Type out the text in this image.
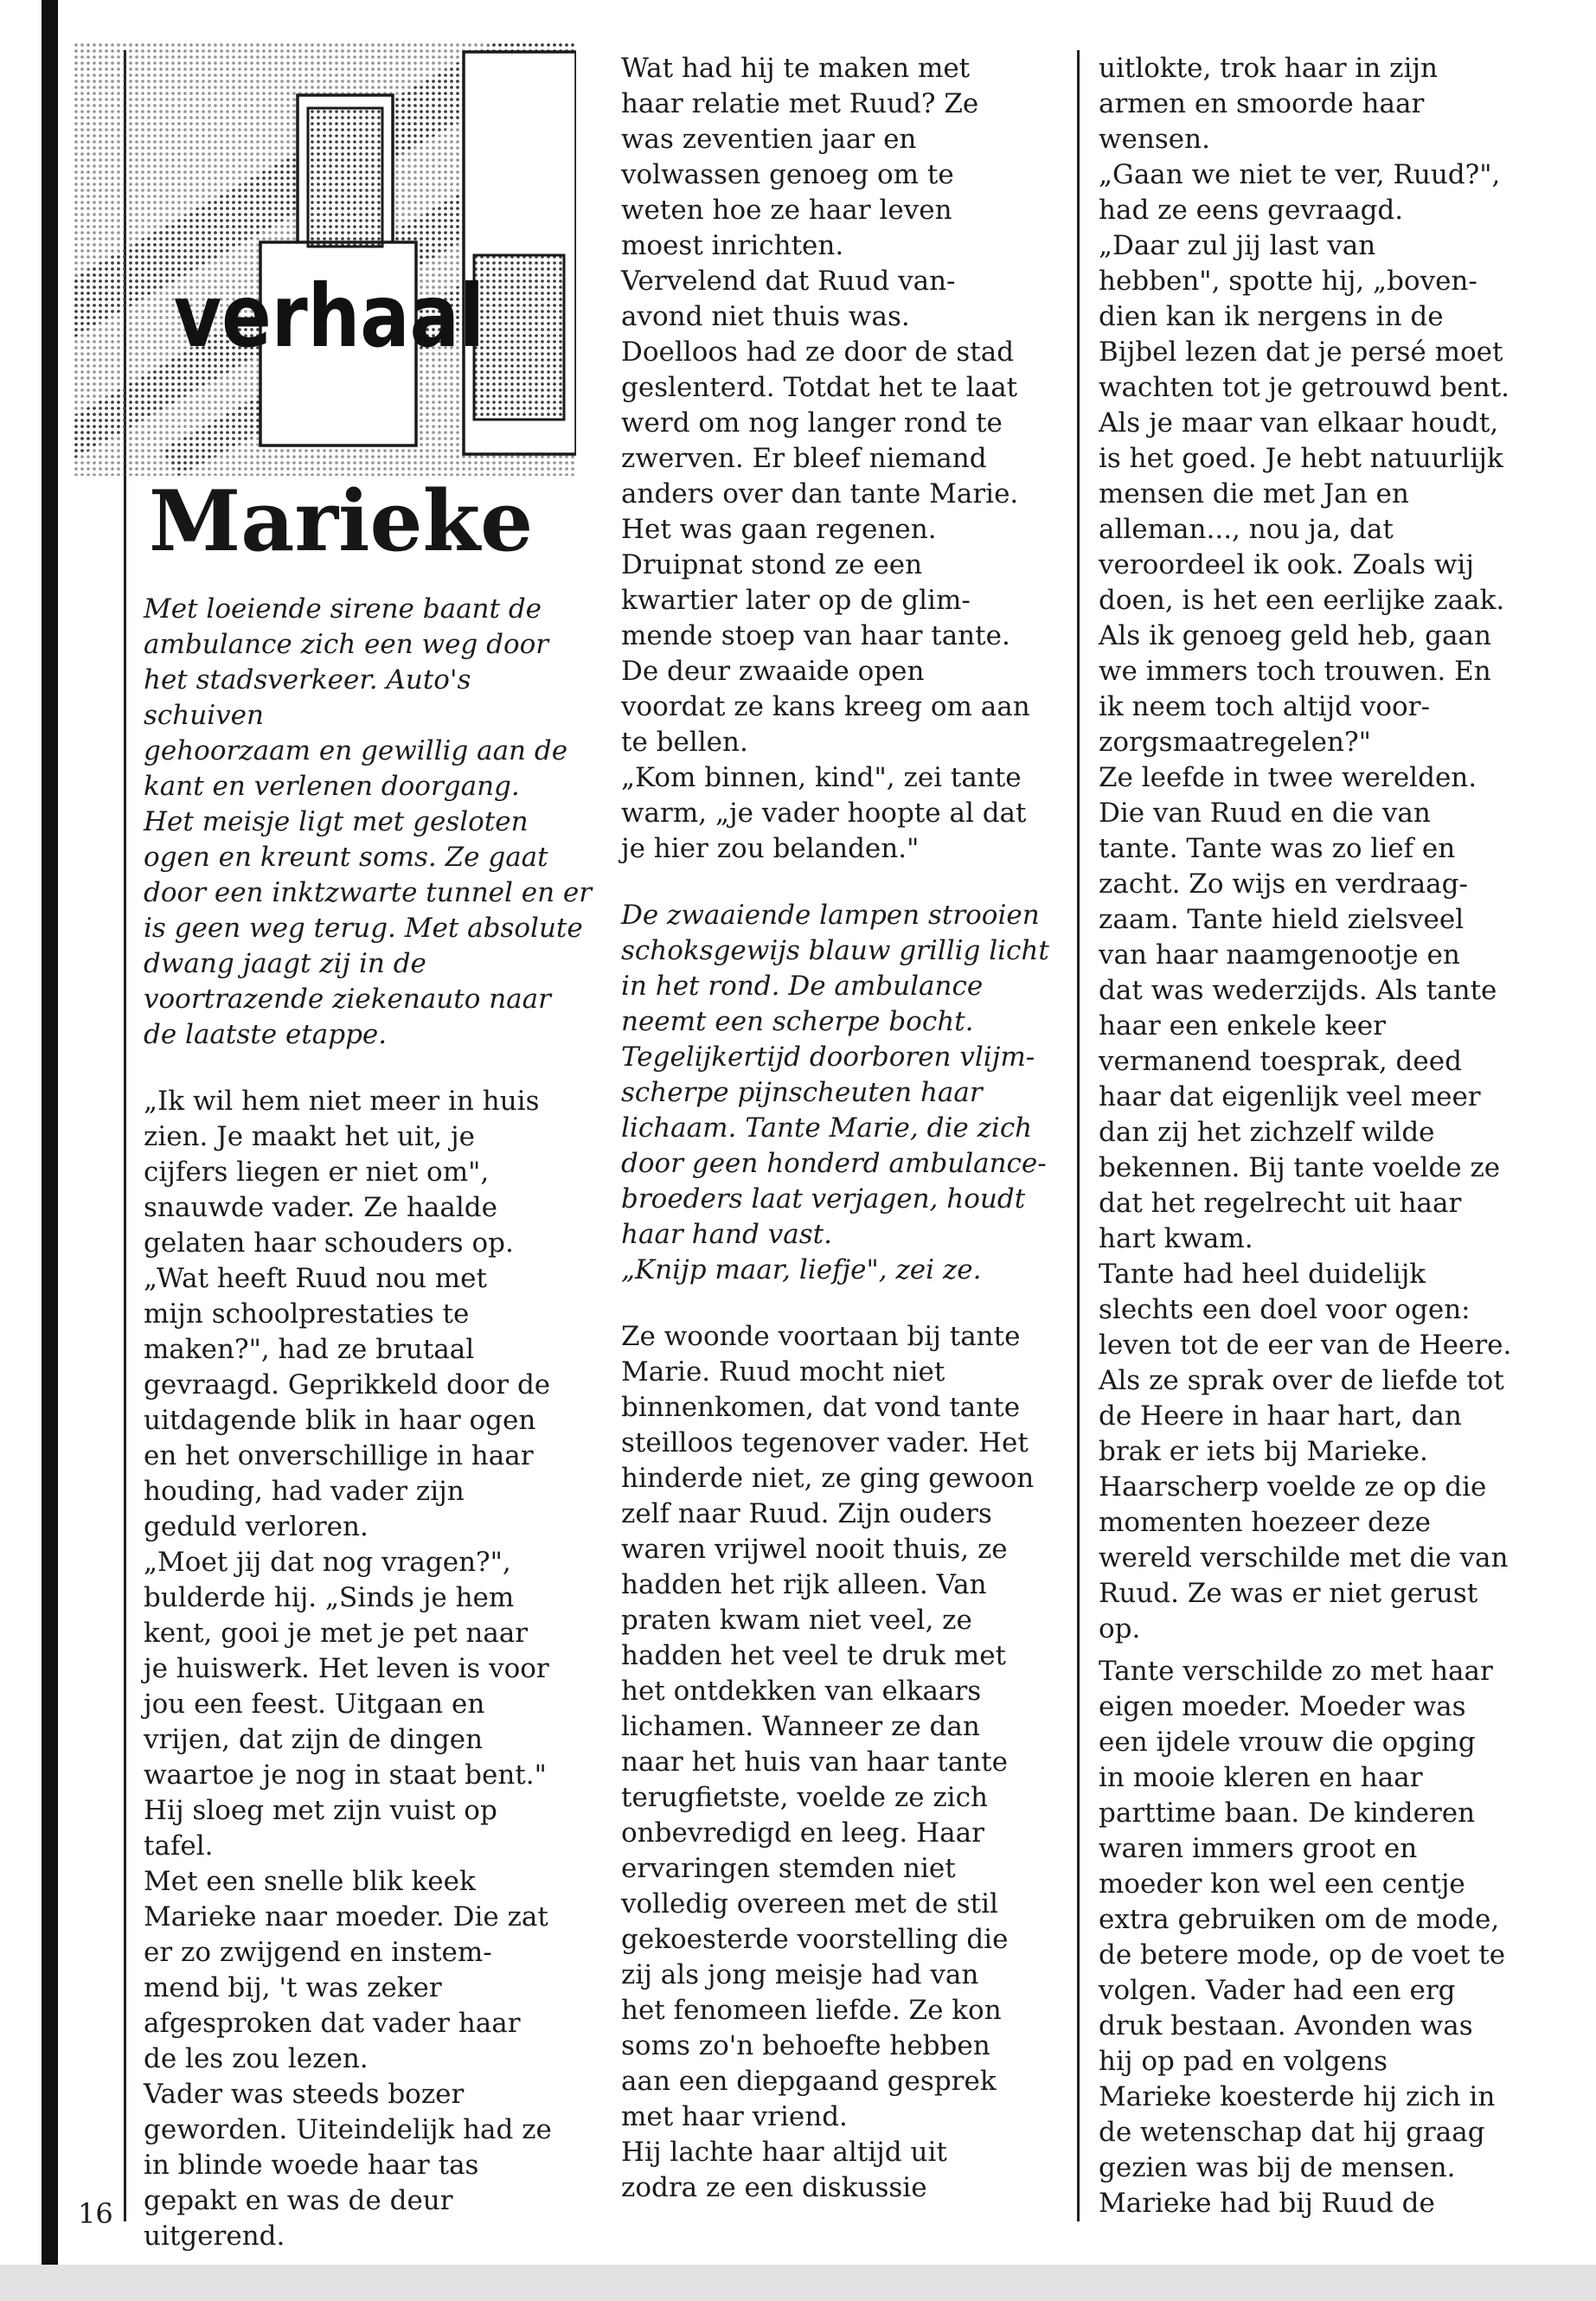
verhaal
Marieke

Met loeiende sirene baant de

ambulance zich een weg door

het stadsverkeer. Auto's schuiven

gehoorzaam en gewillig aan de

kant en verlenen doorgang.

Het meisje ligt met gesloten

ogen en kreunt soms. Ze gaat

door een inktzwarte tunnel en er

is geen weg terug. Met absolute

dwang jaagt zij in de

voortrazende ziekenauto naar

de laatste etappe.

„Ik wil hem niet meer in huis

zien. Je maakt het uit, je

cijfers liegen er niet om",

snauwde vader. Ze haalde

gelaten haar schouders op.

„Wat heeft Ruud nou met

mijn schoolprestaties te

maken?", had ze brutaal

gevraagd. Geprikkeld door de

uitdagende blik in haar ogen

en het onverschillige in haar

houding, had vader zijn

geduld verloren.

„Moet jij dat nog vragen?",

bulderde hij. „Sinds je hem

kent, gooi je met je pet naar

je huiswerk. Het leven is voor

jou een feest. Uitgaan en

vrijen, dat zijn de dingen

waartoe je nog in staat bent."

Hij sloeg met zijn vuist op

tafel.

Met een snelle blik keek

Marieke naar moeder. Die zat

er zo zwijgend en instem-

mend bij, 't was zeker

afgesproken dat vader haar

de les zou lezen.

Vader was steeds bozer

geworden. Uiteindelijk had ze

in blinde woede haar tas

gepakt en was de deur

uitgerend.

Wat had hij te maken met

haar relatie met Ruud? Ze

was zeventien jaar en

volwassen genoeg om te

weten hoe ze haar leven

moest inrichten.

Vervelend dat Ruud van-

avond niet thuis was.

Doelloos had ze door de stad

geslenterd. Totdat het te laat

werd om nog langer rond te

zwerven. Er bleef niemand

anders over dan tante Marie.

Het was gaan regenen.

Druipnat stond ze een

kwartier later op de glim-

mende stoep van haar tante.

De deur zwaaide open

voordat ze kans kreeg om aan

te bellen.

„Kom binnen, kind", zei tante

warm, „je vader hoopte al dat

je hier zou belanden."

De zwaaiende lampen strooien

schoksgewijs blauw grillig licht

in het rond. De ambulance

neemt een scherpe bocht.

Tegelijkertijd doorboren vlijm-

scherpe pijnscheuten haar

lichaam. Tante Marie, die zich

door geen honderd ambulance-

broeders laat verjagen, houdt

haar hand vast.

„Knijp maar, liefje", zei ze.

Ze woonde voortaan bij tante

Marie. Ruud mocht niet

binnenkomen, dat vond tante

steilloos tegenover vader. Het

hinderde niet, ze ging gewoon

zelf naar Ruud. Zijn ouders

waren vrijwel nooit thuis, ze

hadden het rijk alleen. Van

praten kwam niet veel, ze

hadden het veel te druk met

het ontdekken van elkaars

lichamen. Wanneer ze dan

naar het huis van haar tante

terugfietste, voelde ze zich

onbevredigd en leeg. Haar

ervaringen stemden niet

volledig overeen met de stil

gekoesterde voorstelling die

zij als jong meisje had van

het fenomeen liefde. Ze kon

soms zo'n behoefte hebben

aan een diepgaand gesprek

met haar vriend.

Hij lachte haar altijd uit

zodra ze een diskussie

uitlokte, trok haar in zijn

armen en smoorde haar

wensen.

„Gaan we niet te ver, Ruud?",

had ze eens gevraagd.

„Daar zul jij last van

hebben", spotte hij, „boven-

dien kan ik nergens in de

Bijbel lezen dat je persé moet

wachten tot je getrouwd bent.

Als je maar van elkaar houdt,

is het goed. Je hebt natuurlijk

mensen die met Jan en

alleman..., nou ja, dat

veroordeel ik ook. Zoals wij

doen, is het een eerlijke zaak.

Als ik genoeg geld heb, gaan

we immers toch trouwen. En

ik neem toch altijd voor-

zorgsmaatregelen?"

Ze leefde in twee werelden.

Die van Ruud en die van

tante. Tante was zo lief en

zacht. Zo wijs en verdraag-

zaam. Tante hield zielsveel

van haar naamgenootje en

dat was wederzijds. Als tante

haar een enkele keer

vermanend toesprak, deed

haar dat eigenlijk veel meer

dan zij het zichzelf wilde

bekennen. Bij tante voelde ze

dat het regelrecht uit haar

hart kwam.

Tante had heel duidelijk

slechts een doel voor ogen:

leven tot de eer van de Heere.

Als ze sprak over de liefde tot

de Heere in haar hart, dan

brak er iets bij Marieke.

Haarscherp voelde ze op die

momenten hoezeer deze

wereld verschilde met die van

Ruud. Ze was er niet gerust

op.

Tante verschilde zo met haar

eigen moeder. Moeder was

een ijdele vrouw die opging

in mooie kleren en haar

parttime baan. De kinderen

waren immers groot en

moeder kon wel een centje

extra gebruiken om de mode,

de betere mode, op de voet te

volgen. Vader had een erg

druk bestaan. Avonden was

hij op pad en volgens

Marieke koesterde hij zich in

de wetenschap dat hij graag

gezien was bij de mensen.

Marieke had bij Ruud de

16
